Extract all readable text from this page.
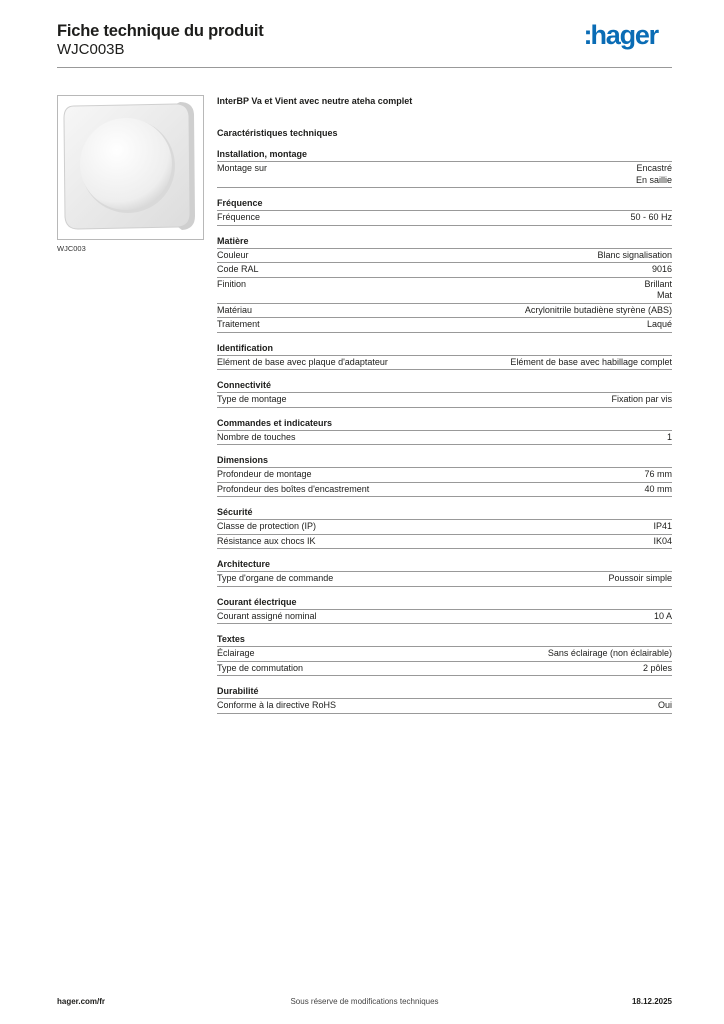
Fiche technique du produit
WJC003B	:hager
WJC003
InterBP Va et Vient avec neutre ateha complet
Caractéristiques techniques
Installation, montage
Montage sur	Encastré
En saillie
Fréquence
Fréquence	50 - 60 Hz
Matière
Couleur	Blanc signalisation
Code RAL	9016
Finition	Brillant
Mat
Matériau	Acrylonitrile butadiène styrène (ABS)
Traitement	Laqué
Identification
Elément de base avec plaque d'adaptateur	Elément de base avec habillage complet
Connectivité
Type de montage	Fixation par vis
Commandes et indicateurs
Nombre de touches	1
Dimensions
Profondeur de montage	76 mm
Profondeur des boîtes d'encastrement	40 mm
Sécurité
Classe de protection (IP)	IP41
Résistance aux chocs IK	IK04
Architecture
Type d'organe de commande	Poussoir simple
Courant électrique
Courant assigné nominal	10 A
Textes
Éclairage	Sans éclairage (non éclairable)
Type de commutation	2 pôles
Durabilité
Conforme à la directive RoHS	Oui
hager.com/fr	Sous réserve de modifications techniques	18.12.2025
